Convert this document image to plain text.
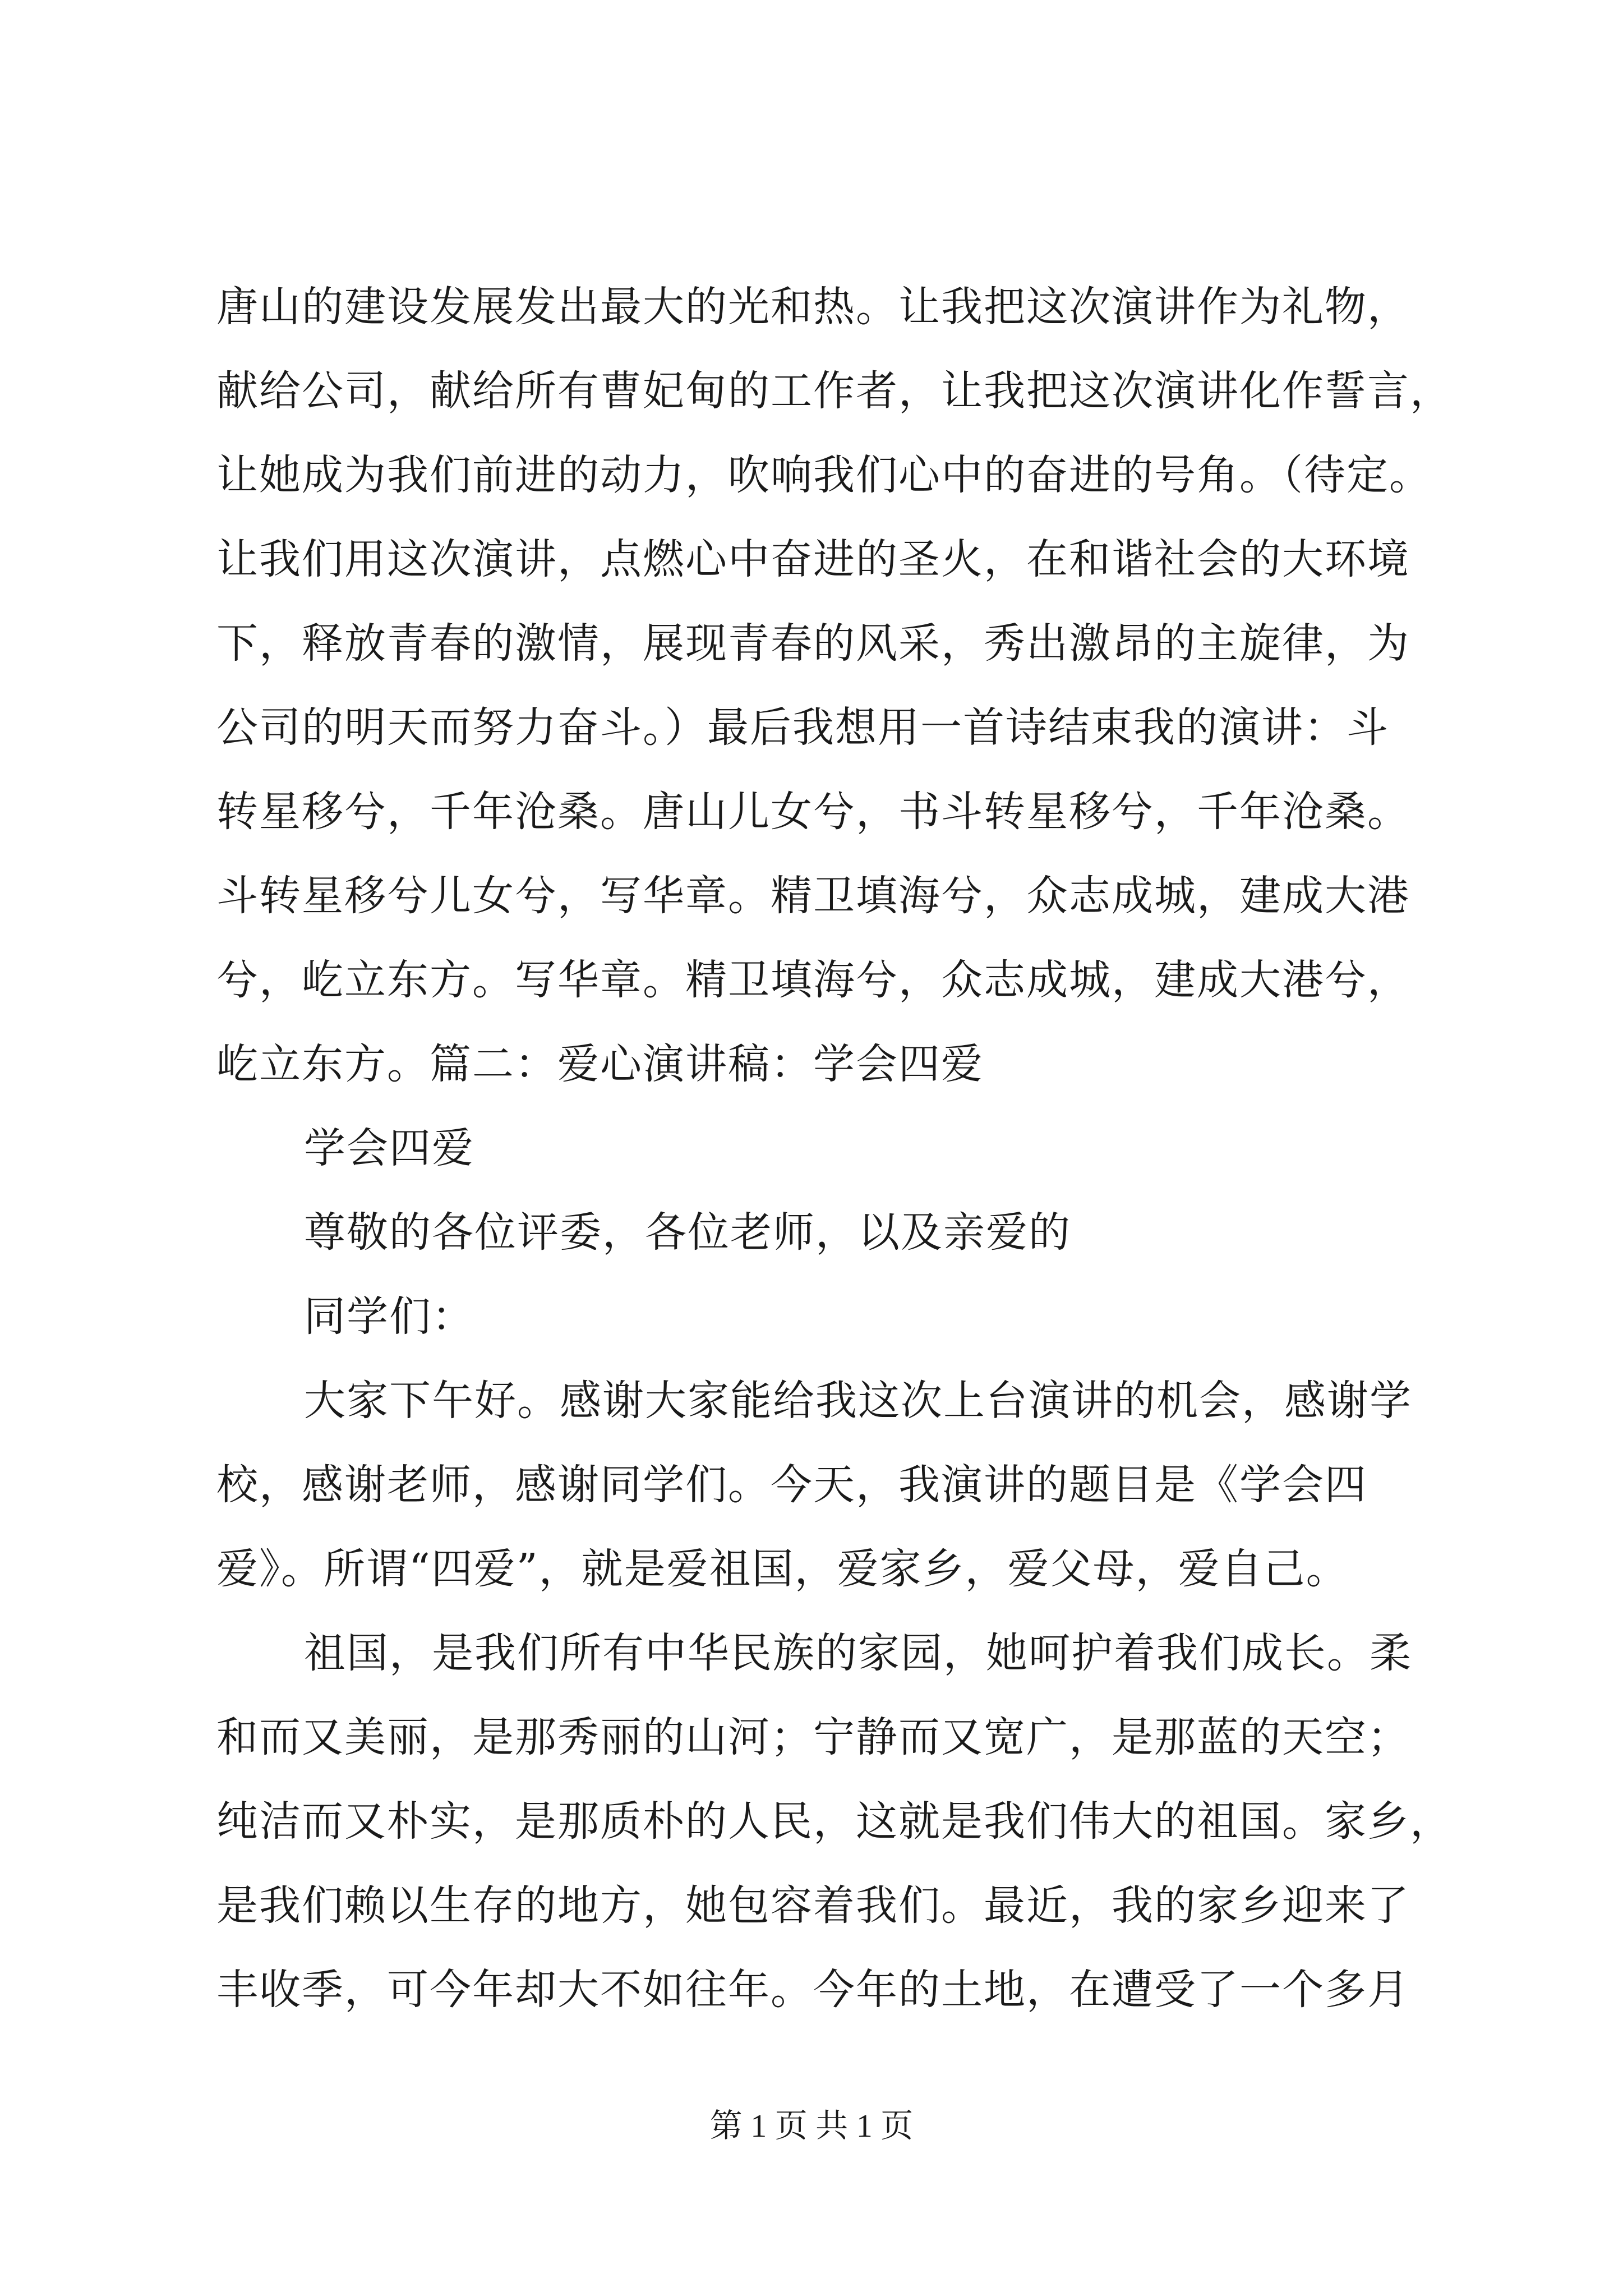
唐山的建设发展发出最大的光和热。让我把这次演讲作为礼物，
献给公司，献给所有曹妃甸的工作者，让我把这次演讲化作誓言，
让她成为我们前进的动力，吹响我们心中的奋进的号角。（待定。
让我们用这次演讲，点燃心中奋进的圣火，在和谐社会的大环境
下，释放青春的激情，展现青春的风采，秀出激昂的主旋律，为
公司的明天而努力奋斗。）最后我想用一首诗结束我的演讲：斗
转星移兮，千年沧桑。唐山儿女兮，书斗转星移兮，千年沧桑。
斗转星移兮儿女兮，写华章。精卫填海兮，众志成城，建成大港
兮，屹立东方。写华章。精卫填海兮，众志成城，建成大港兮，
屹立东方。篇二：爱心演讲稿：学会四爱
学会四爱
尊敬的各位评委，各位老师，以及亲爱的
同学们：
大家下午好。感谢大家能给我这次上台演讲的机会，感谢学
校，感谢老师，感谢同学们。今天，我演讲的题目是《学会四
爱》。所谓“四爱”，就是爱祖国，爱家乡，爱父母，爱自己。
祖国，是我们所有中华民族的家园，她呵护着我们成长。柔
和而又美丽，是那秀丽的山河；宁静而又宽广，是那蓝的天空；
纯洁而又朴实，是那质朴的人民，这就是我们伟大的祖国。家乡，
是我们赖以生存的地方，她包容着我们。最近，我的家乡迎来了
丰收季，可今年却大不如往年。今年的土地，在遭受了一个多月
第 1 页 共 1 页
